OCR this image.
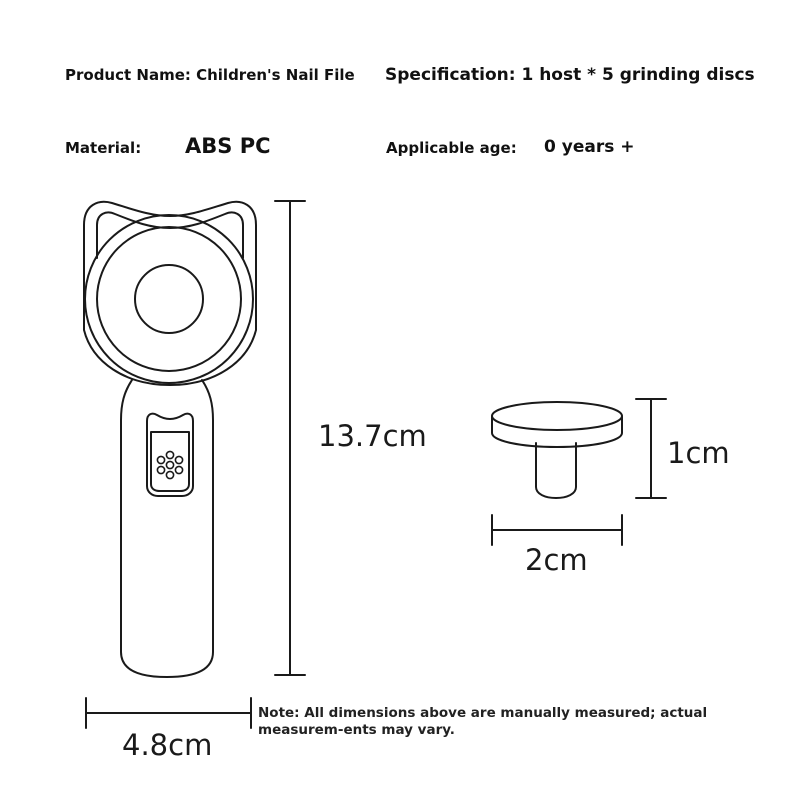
Product Name: Children's Nail File Specification: 1 host * 5 grinding discs
Material: ABS PC	Applicable age: 0 years +
13.7cm
4.8cm
1cm
2cm
Note: All dimensions above are manually measured; actual measurem-ents may vary.
